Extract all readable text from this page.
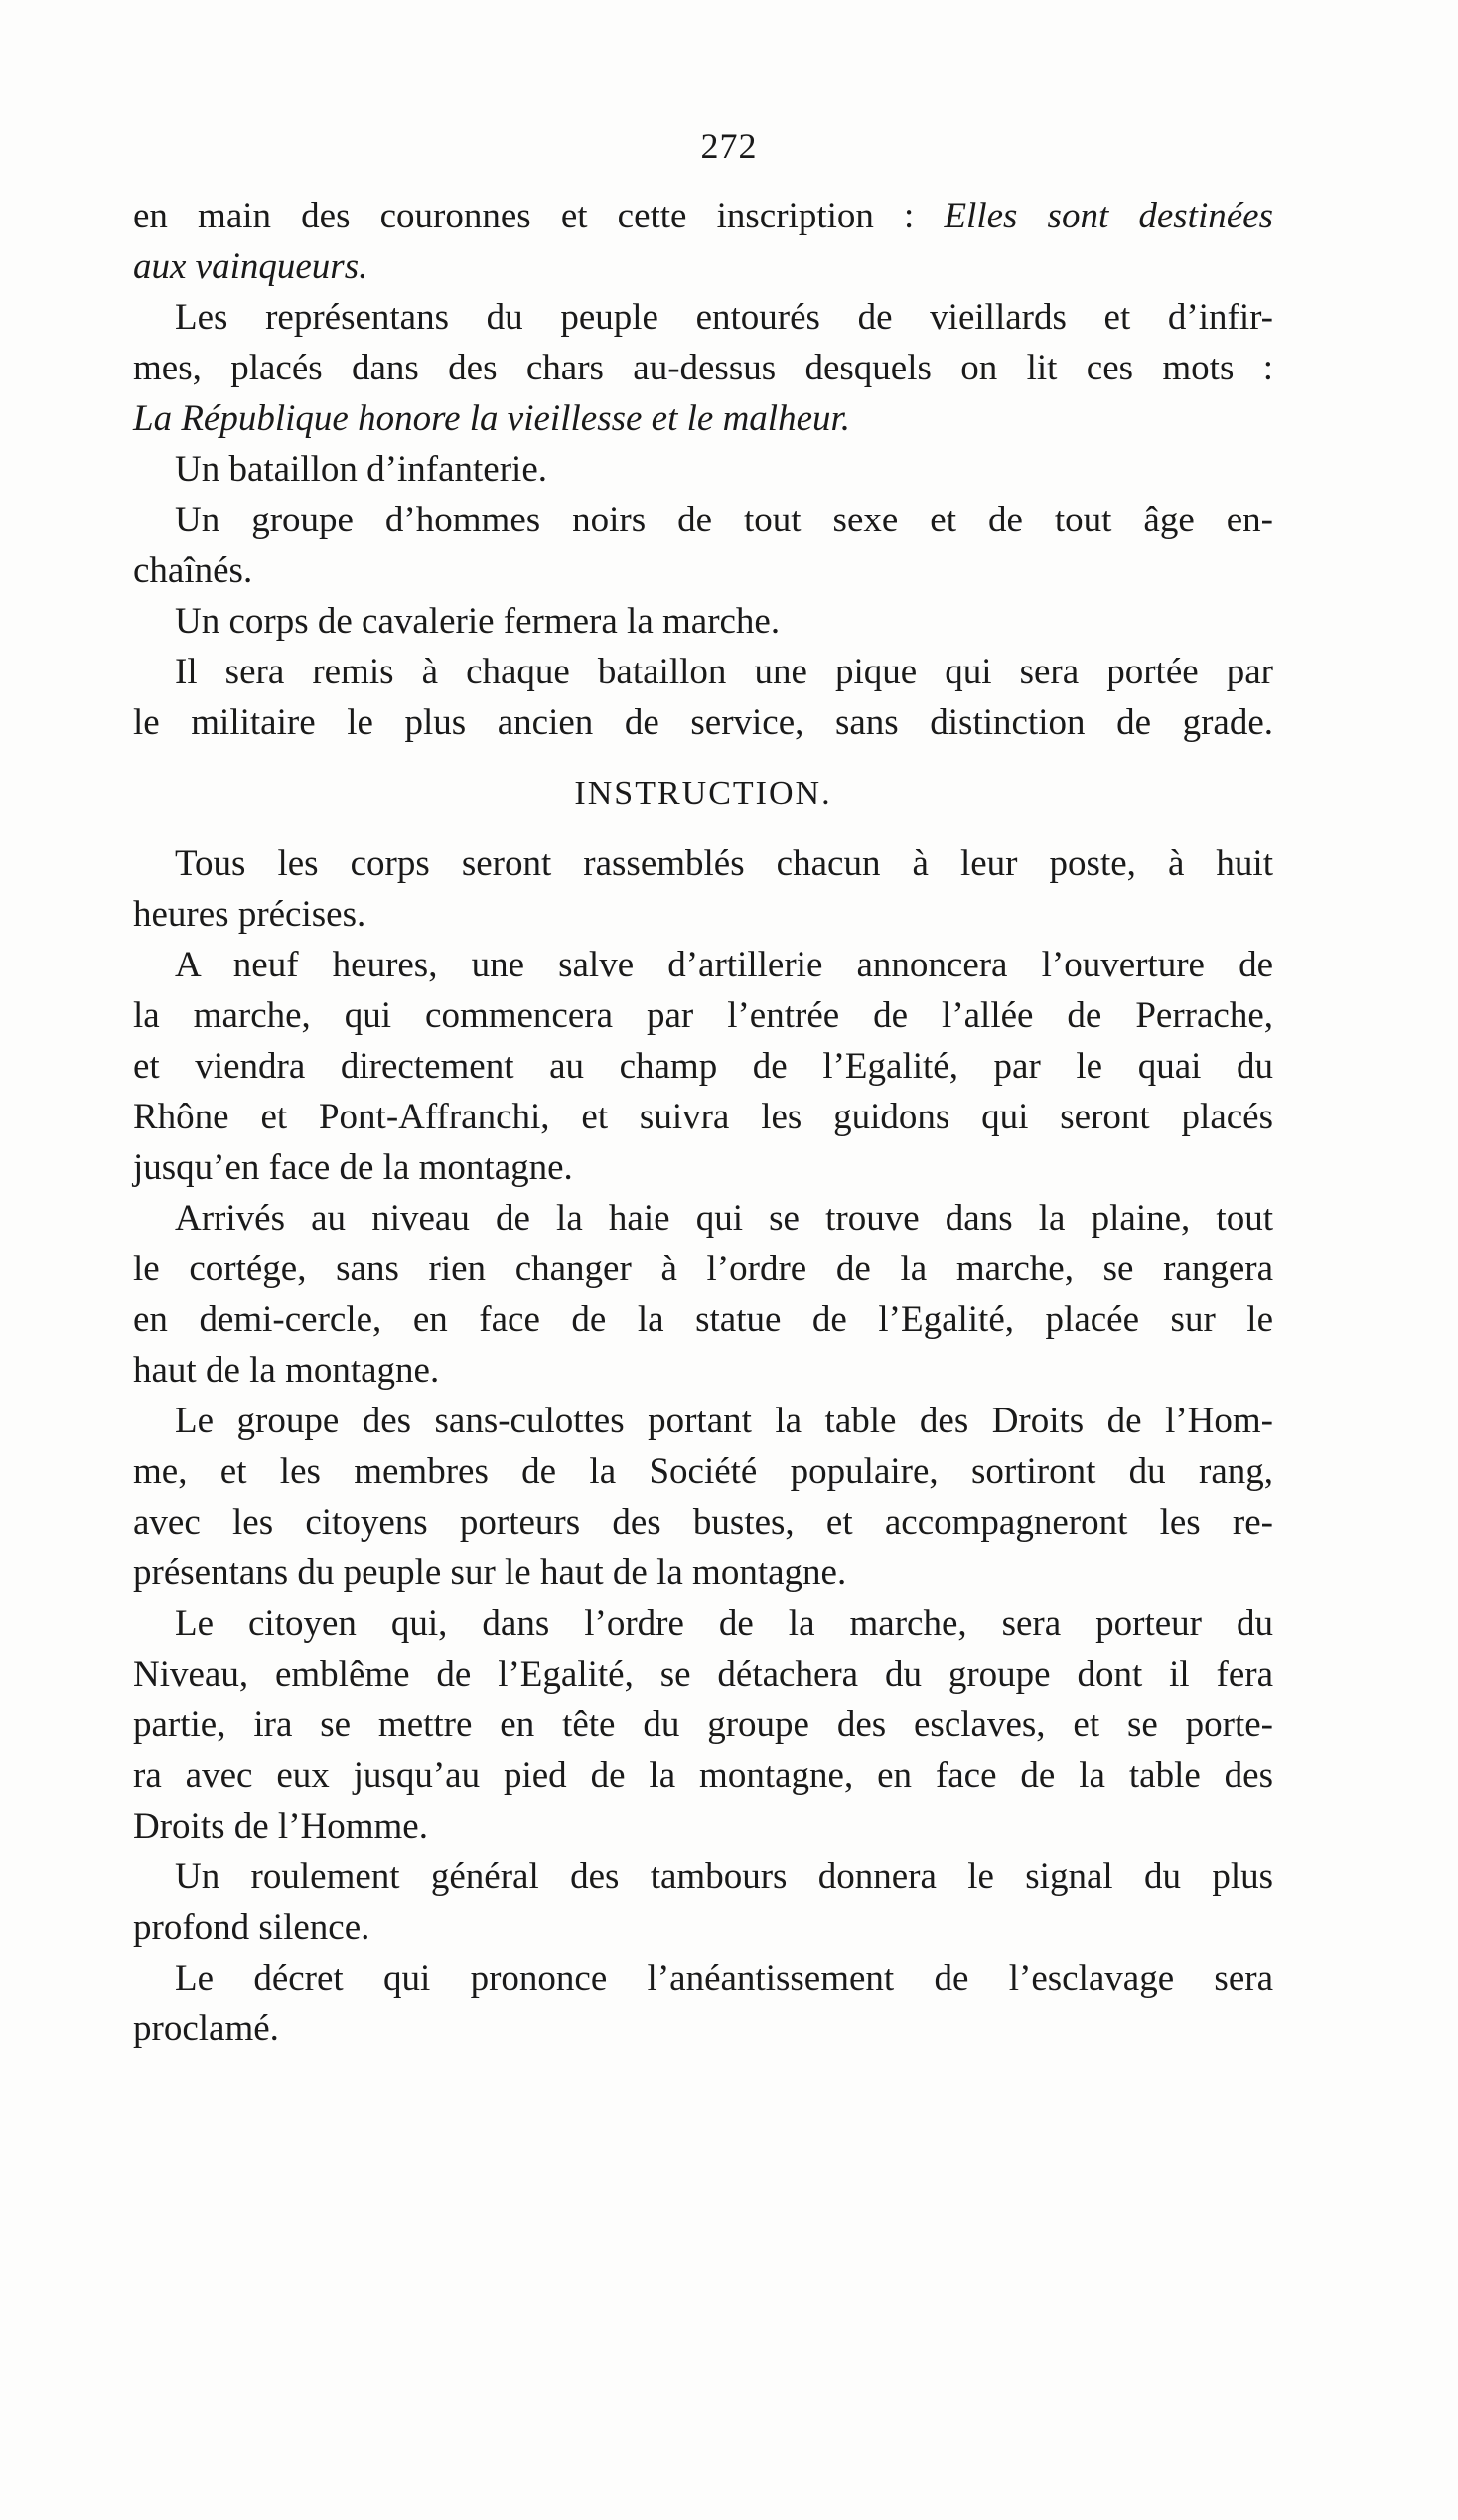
272
en main des couronnes et cette inscription : Elles sont destinées
aux vainqueurs.
Les représentans du peuple entourés de vieillards et d’infir-
mes, placés dans des chars au-dessus desquels on lit ces mots :
La République honore la vieillesse et le malheur.
Un bataillon d’infanterie.
Un groupe d’hommes noirs de tout sexe et de tout âge en-
chaînés.
Un corps de cavalerie fermera la marche.
Il sera remis à chaque bataillon une pique qui sera portée par
le militaire le plus ancien de service, sans distinction de grade.
INSTRUCTION.
Tous les corps seront rassemblés chacun à leur poste, à huit
heures précises.
A neuf heures, une salve d’artillerie annoncera l’ouverture de
la marche, qui commencera par l’entrée de l’allée de Perrache,
et viendra directement au champ de l’Egalité, par le quai du
Rhône et Pont-Affranchi, et suivra les guidons qui seront placés
jusqu’en face de la montagne.
Arrivés au niveau de la haie qui se trouve dans la plaine, tout
le cortége, sans rien changer à l’ordre de la marche, se rangera
en demi-cercle, en face de la statue de l’Egalité, placée sur le
haut de la montagne.
Le groupe des sans-culottes portant la table des Droits de l’Hom-
me, et les membres de la Société populaire, sortiront du rang,
avec les citoyens porteurs des bustes, et accompagneront les re-
présentans du peuple sur le haut de la montagne.
Le citoyen qui, dans l’ordre de la marche, sera porteur du
Niveau, emblême de l’Egalité, se détachera du groupe dont il fera
partie, ira se mettre en tête du groupe des esclaves, et se porte-
ra avec eux jusqu’au pied de la montagne, en face de la table des
Droits de l’Homme.
Un roulement général des tambours donnera le signal du plus
profond silence.
Le décret qui prononce l’anéantissement de l’esclavage sera
proclamé.
